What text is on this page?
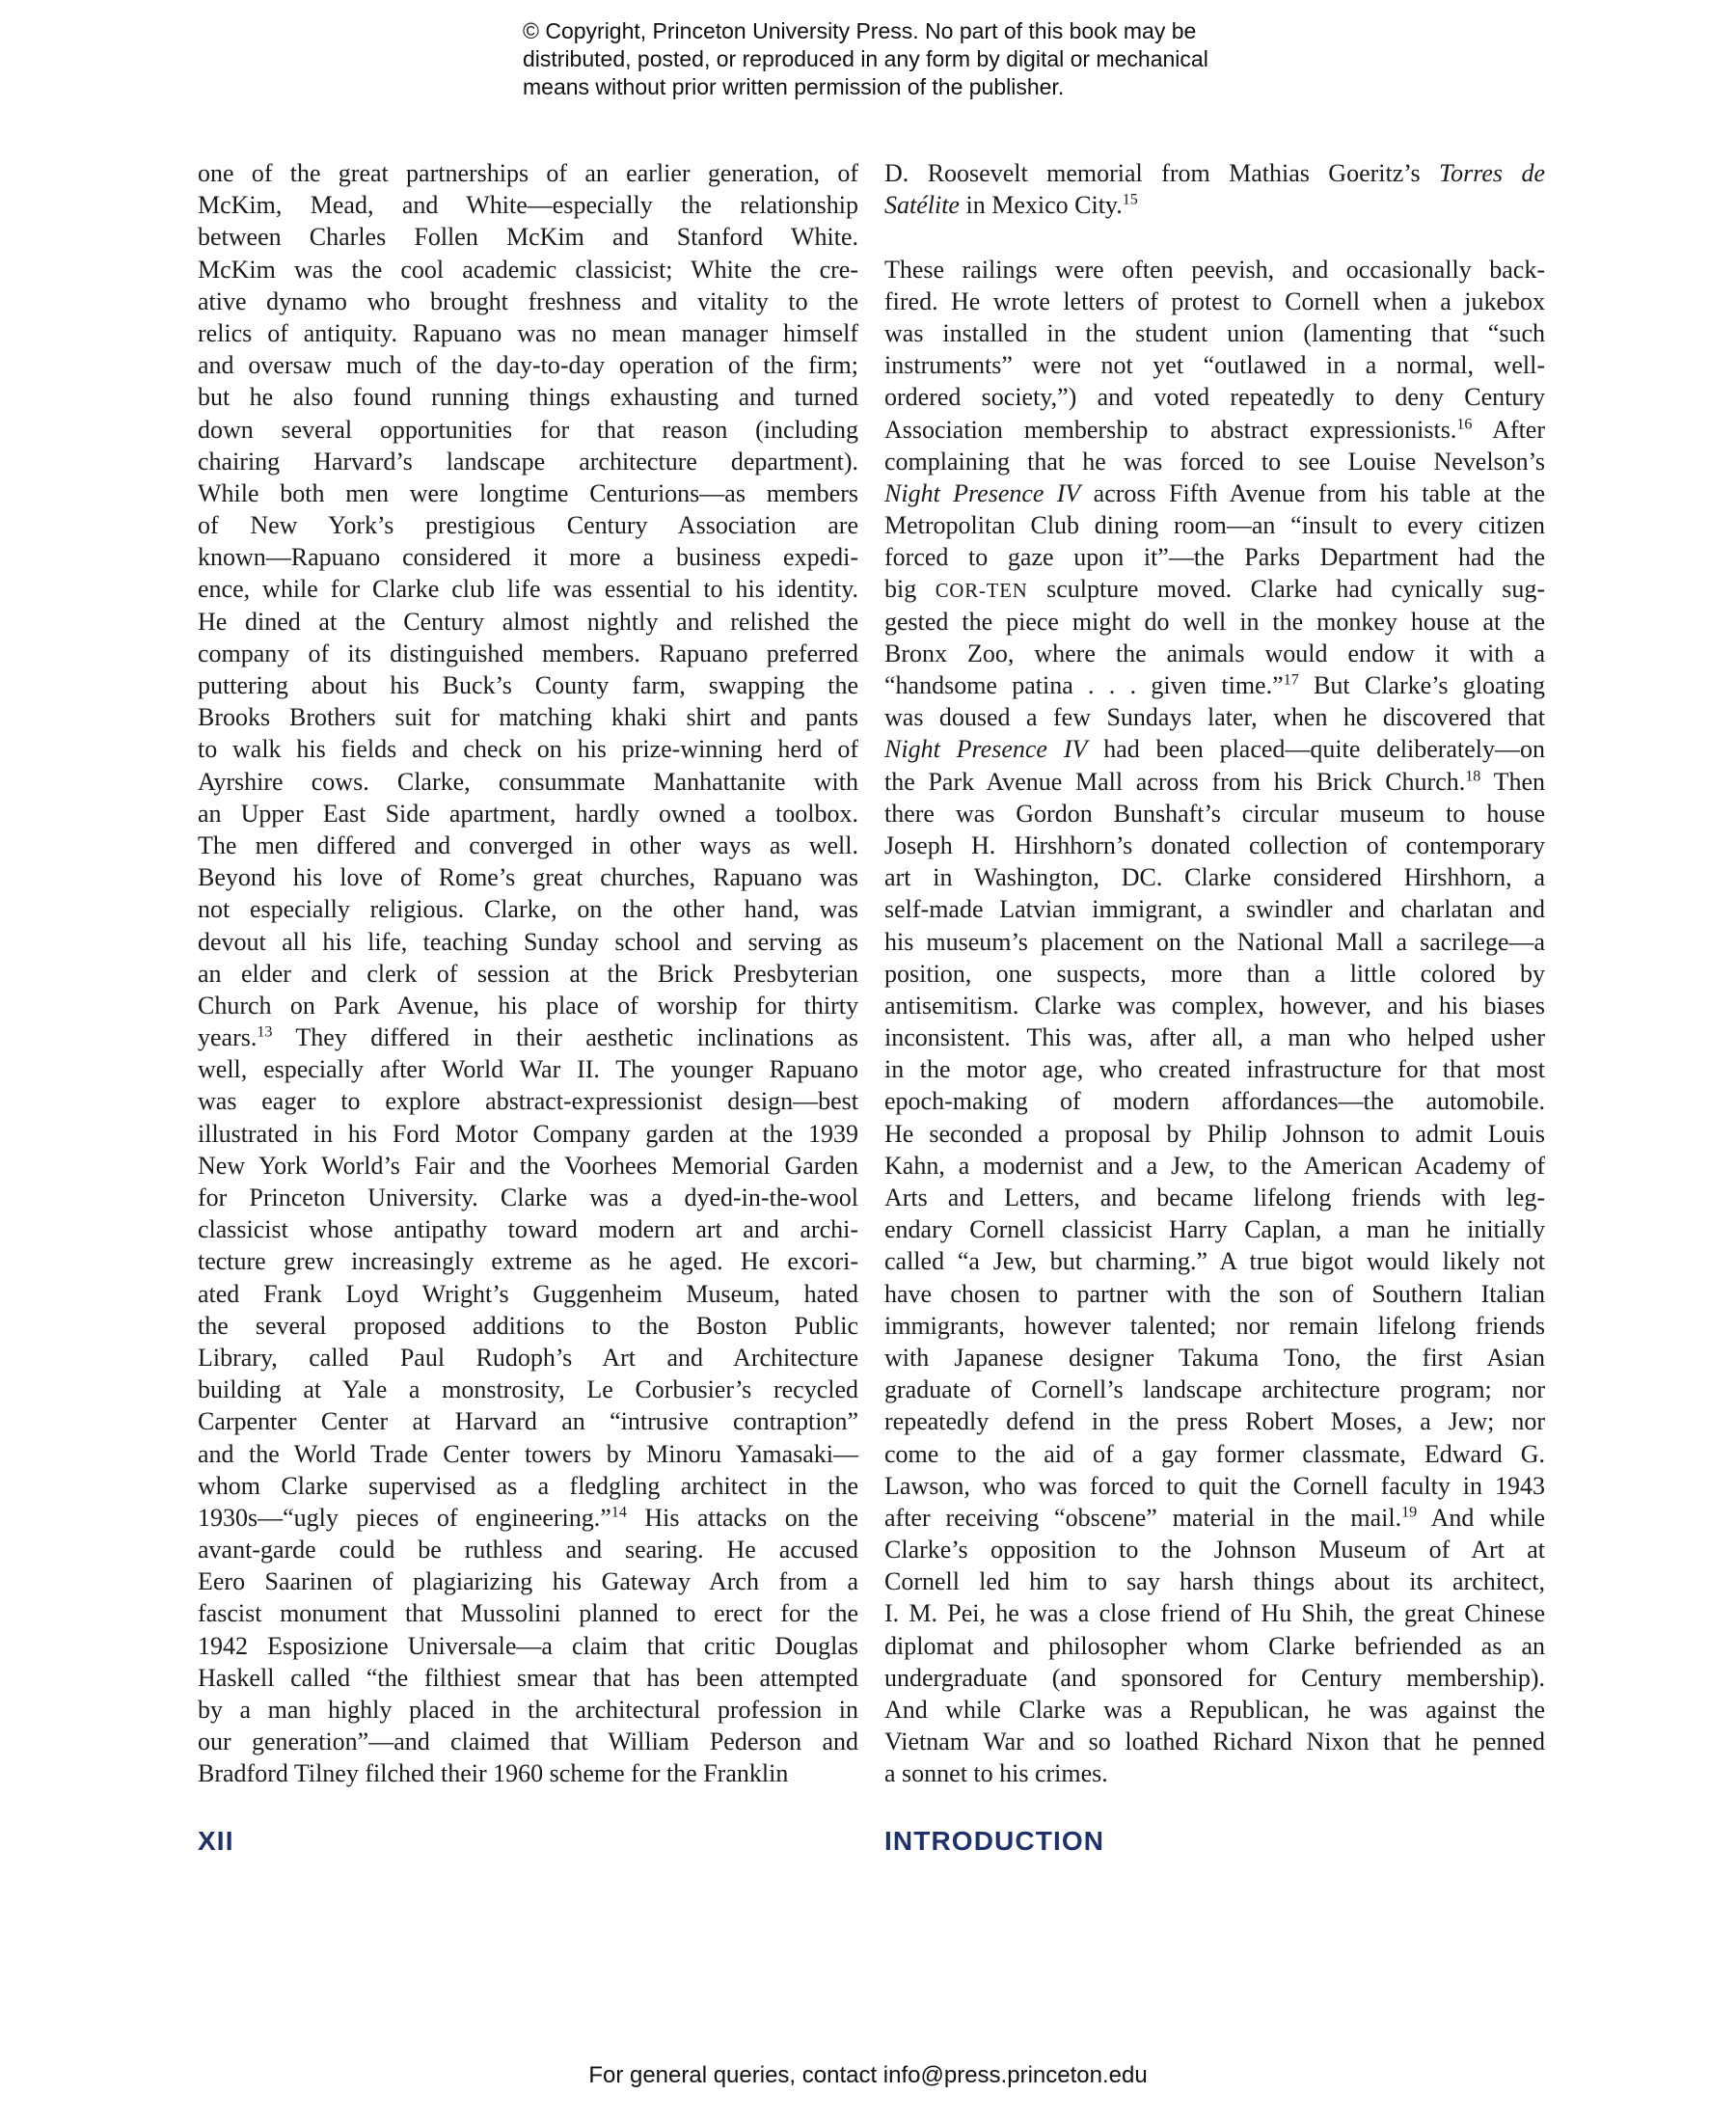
© Copyright, Princeton University Press. No part of this book may be
distributed, posted, or reproduced in any form by digital or mechanical
means without prior written permission of the publisher.
one of the great partnerships of an earlier generation, of
McKim, Mead, and White—especially the relationship
between Charles Follen McKim and Stanford White.
McKim was the cool academic classicist; White the cre-
ative dynamo who brought freshness and vitality to the
relics of antiquity. Rapuano was no mean manager himself
and oversaw much of the day-to-day operation of the firm;
but he also found running things exhausting and turned
down several opportunities for that reason (including
chairing Harvard’s landscape architecture department).
While both men were longtime Centurions—as members
of New York’s prestigious Century Association are
known—Rapuano considered it more a business expedi-
ence, while for Clarke club life was essential to his identity.
He dined at the Century almost nightly and relished the
company of its distinguished members. Rapuano preferred
puttering about his Buck’s County farm, swapping the
Brooks Brothers suit for matching khaki shirt and pants
to walk his fields and check on his prize-winning herd of
Ayrshire cows. Clarke, consummate Manhattanite with
an Upper East Side apartment, hardly owned a toolbox.
The men differed and converged in other ways as well.
Beyond his love of Rome’s great churches, Rapuano was
not especially religious. Clarke, on the other hand, was
devout all his life, teaching Sunday school and serving as
an elder and clerk of session at the Brick Presbyterian
Church on Park Avenue, his place of worship for thirty
years.$^{13}$ They differed in their aesthetic inclinations as
well, especially after World War II. The younger Rapuano
was eager to explore abstract-expressionist design—best
illustrated in his Ford Motor Company garden at the 1939
New York World’s Fair and the Voorhees Memorial Garden
for Princeton University. Clarke was a dyed-in-the-wool
classicist whose antipathy toward modern art and archi-
tecture grew increasingly extreme as he aged. He excori-
ated Frank Loyd Wright’s Guggenheim Museum, hated
the several proposed additions to the Boston Public
Library, called Paul Rudoph’s Art and Architecture
building at Yale a monstrosity, Le Corbusier’s recycled
Carpenter Center at Harvard an “intrusive contraption”
and the World Trade Center towers by Minoru Yamasaki—
whom Clarke supervised as a fledgling architect in the
1930s—“ugly pieces of engineering.”$^{14}$ His attacks on the
avant-garde could be ruthless and searing. He accused
Eero Saarinen of plagiarizing his Gateway Arch from a
fascist monument that Mussolini planned to erect for the
1942 Esposizione Universale—a claim that critic Douglas
Haskell called “the filthiest smear that has been attempted
by a man highly placed in the architectural profession in
our generation”—and claimed that William Pederson and
Bradford Tilney filched their 1960 scheme for the Franklin
D. Roosevelt memorial from Mathias Goeritz’s Torres de
Satélite in Mexico City.$^{15}$
These railings were often peevish, and occasionally back-
fired. He wrote letters of protest to Cornell when a jukebox
was installed in the student union (lamenting that “such
instruments” were not yet “outlawed in a normal, well-
ordered society,”) and voted repeatedly to deny Century
Association membership to abstract expressionists.$^{16}$ After
complaining that he was forced to see Louise Nevelson’s
Night Presence IV across Fifth Avenue from his table at the
Metropolitan Club dining room—an “insult to every citizen
forced to gaze upon it”—the Parks Department had the
big COR-TEN sculpture moved. Clarke had cynically sug-
gested the piece might do well in the monkey house at the
Bronx Zoo, where the animals would endow it with a
“handsome patina . . . given time.”$^{17}$ But Clarke’s gloating
was doused a few Sundays later, when he discovered that
Night Presence IV had been placed—quite deliberately—on
the Park Avenue Mall across from his Brick Church.$^{18}$ Then
there was Gordon Bunshaft’s circular museum to house
Joseph H. Hirshhorn’s donated collection of contemporary
art in Washington, DC. Clarke considered Hirshhorn, a
self-made Latvian immigrant, a swindler and charlatan and
his museum’s placement on the National Mall a sacrilege—a
position, one suspects, more than a little colored by
antisemitism. Clarke was complex, however, and his biases
inconsistent. This was, after all, a man who helped usher
in the motor age, who created infrastructure for that most
epoch-making of modern affordances—the automobile.
He seconded a proposal by Philip Johnson to admit Louis
Kahn, a modernist and a Jew, to the American Academy of
Arts and Letters, and became lifelong friends with leg-
endary Cornell classicist Harry Caplan, a man he initially
called “a Jew, but charming.” A true bigot would likely not
have chosen to partner with the son of Southern Italian
immigrants, however talented; nor remain lifelong friends
with Japanese designer Takuma Tono, the first Asian
graduate of Cornell’s landscape architecture program; nor
repeatedly defend in the press Robert Moses, a Jew; nor
come to the aid of a gay former classmate, Edward G.
Lawson, who was forced to quit the Cornell faculty in 1943
after receiving “obscene” material in the mail.$^{19}$ And while
Clarke’s opposition to the Johnson Museum of Art at
Cornell led him to say harsh things about its architect,
I. M. Pei, he was a close friend of Hu Shih, the great Chinese
diplomat and philosopher whom Clarke befriended as an
undergraduate (and sponsored for Century membership).
And while Clarke was a Republican, he was against the
Vietnam War and so loathed Richard Nixon that he penned
a sonnet to his crimes.
XII	INTRODUCTION
For general queries, contact info@press.princeton.edu
